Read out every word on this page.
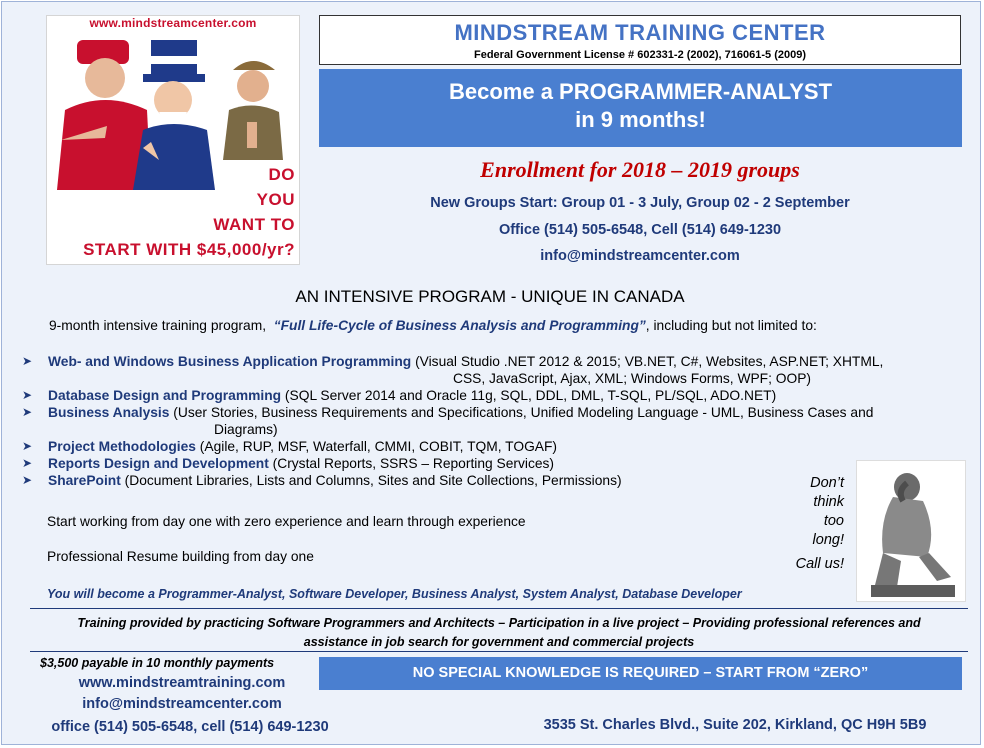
www.mindstreamcenter.com
DO
YOU
WANT TO
START WITH $45,000/yr?
MINDSTREAM TRAINING CENTER
Federal Government License # 602331-2 (2002), 716061-5 (2009)
Become a PROGRAMMER-ANALYST
in 9 months!
Enrollment for 2018 – 2019 groups
New Groups Start: Group 01 - 3 July, Group 02 - 2 September
Office (514) 505-6548, Cell (514) 649-1230
info@mindstreamcenter.com
AN INTENSIVE PROGRAM - UNIQUE IN CANADA
9-month intensive training program,  “Full Life-Cycle of Business Analysis and Programming”, including but not limited to:
➤ Web- and Windows Business Application Programming (Visual Studio .NET 2012 & 2015; VB.NET, C#, Websites, ASP.NET; XHTML,
CSS, JavaScript, Ajax, XML; Windows Forms, WPF; OOP)
➤ Database Design and Programming (SQL Server 2014 and Oracle 11g, SQL, DDL, DML, T-SQL, PL/SQL, ADO.NET)
➤ Business Analysis (User Stories, Business Requirements and Specifications, Unified Modeling Language - UML, Business Cases and
Diagrams)
➤ Project Methodologies (Agile, RUP, MSF, Waterfall, CMMI, COBIT, TQM, TOGAF)
➤ Reports Design and Development (Crystal Reports, SSRS – Reporting Services)
➤ SharePoint (Document Libraries, Lists and Columns, Sites and Site Collections, Permissions)
Start working from day one with zero experience and learn through experience
Professional Resume building from day one
Don’t
think
too
long!
Call us!
You will become a Programmer-Analyst, Software Developer, Business Analyst, System Analyst, Database Developer
Training provided by practicing Software Programmers and Architects – Participation in a live project – Providing professional references and
assistance in job search for government and commercial projects
$3,500 payable in 10 monthly payments
www.mindstreamtraining.com
info@mindstreamcenter.com
office (514) 505-6548, cell (514) 649-1230
NO SPECIAL KNOWLEDGE IS REQUIRED – START FROM “ZERO”
3535 St. Charles Blvd., Suite 202, Kirkland, QC H9H 5B9
